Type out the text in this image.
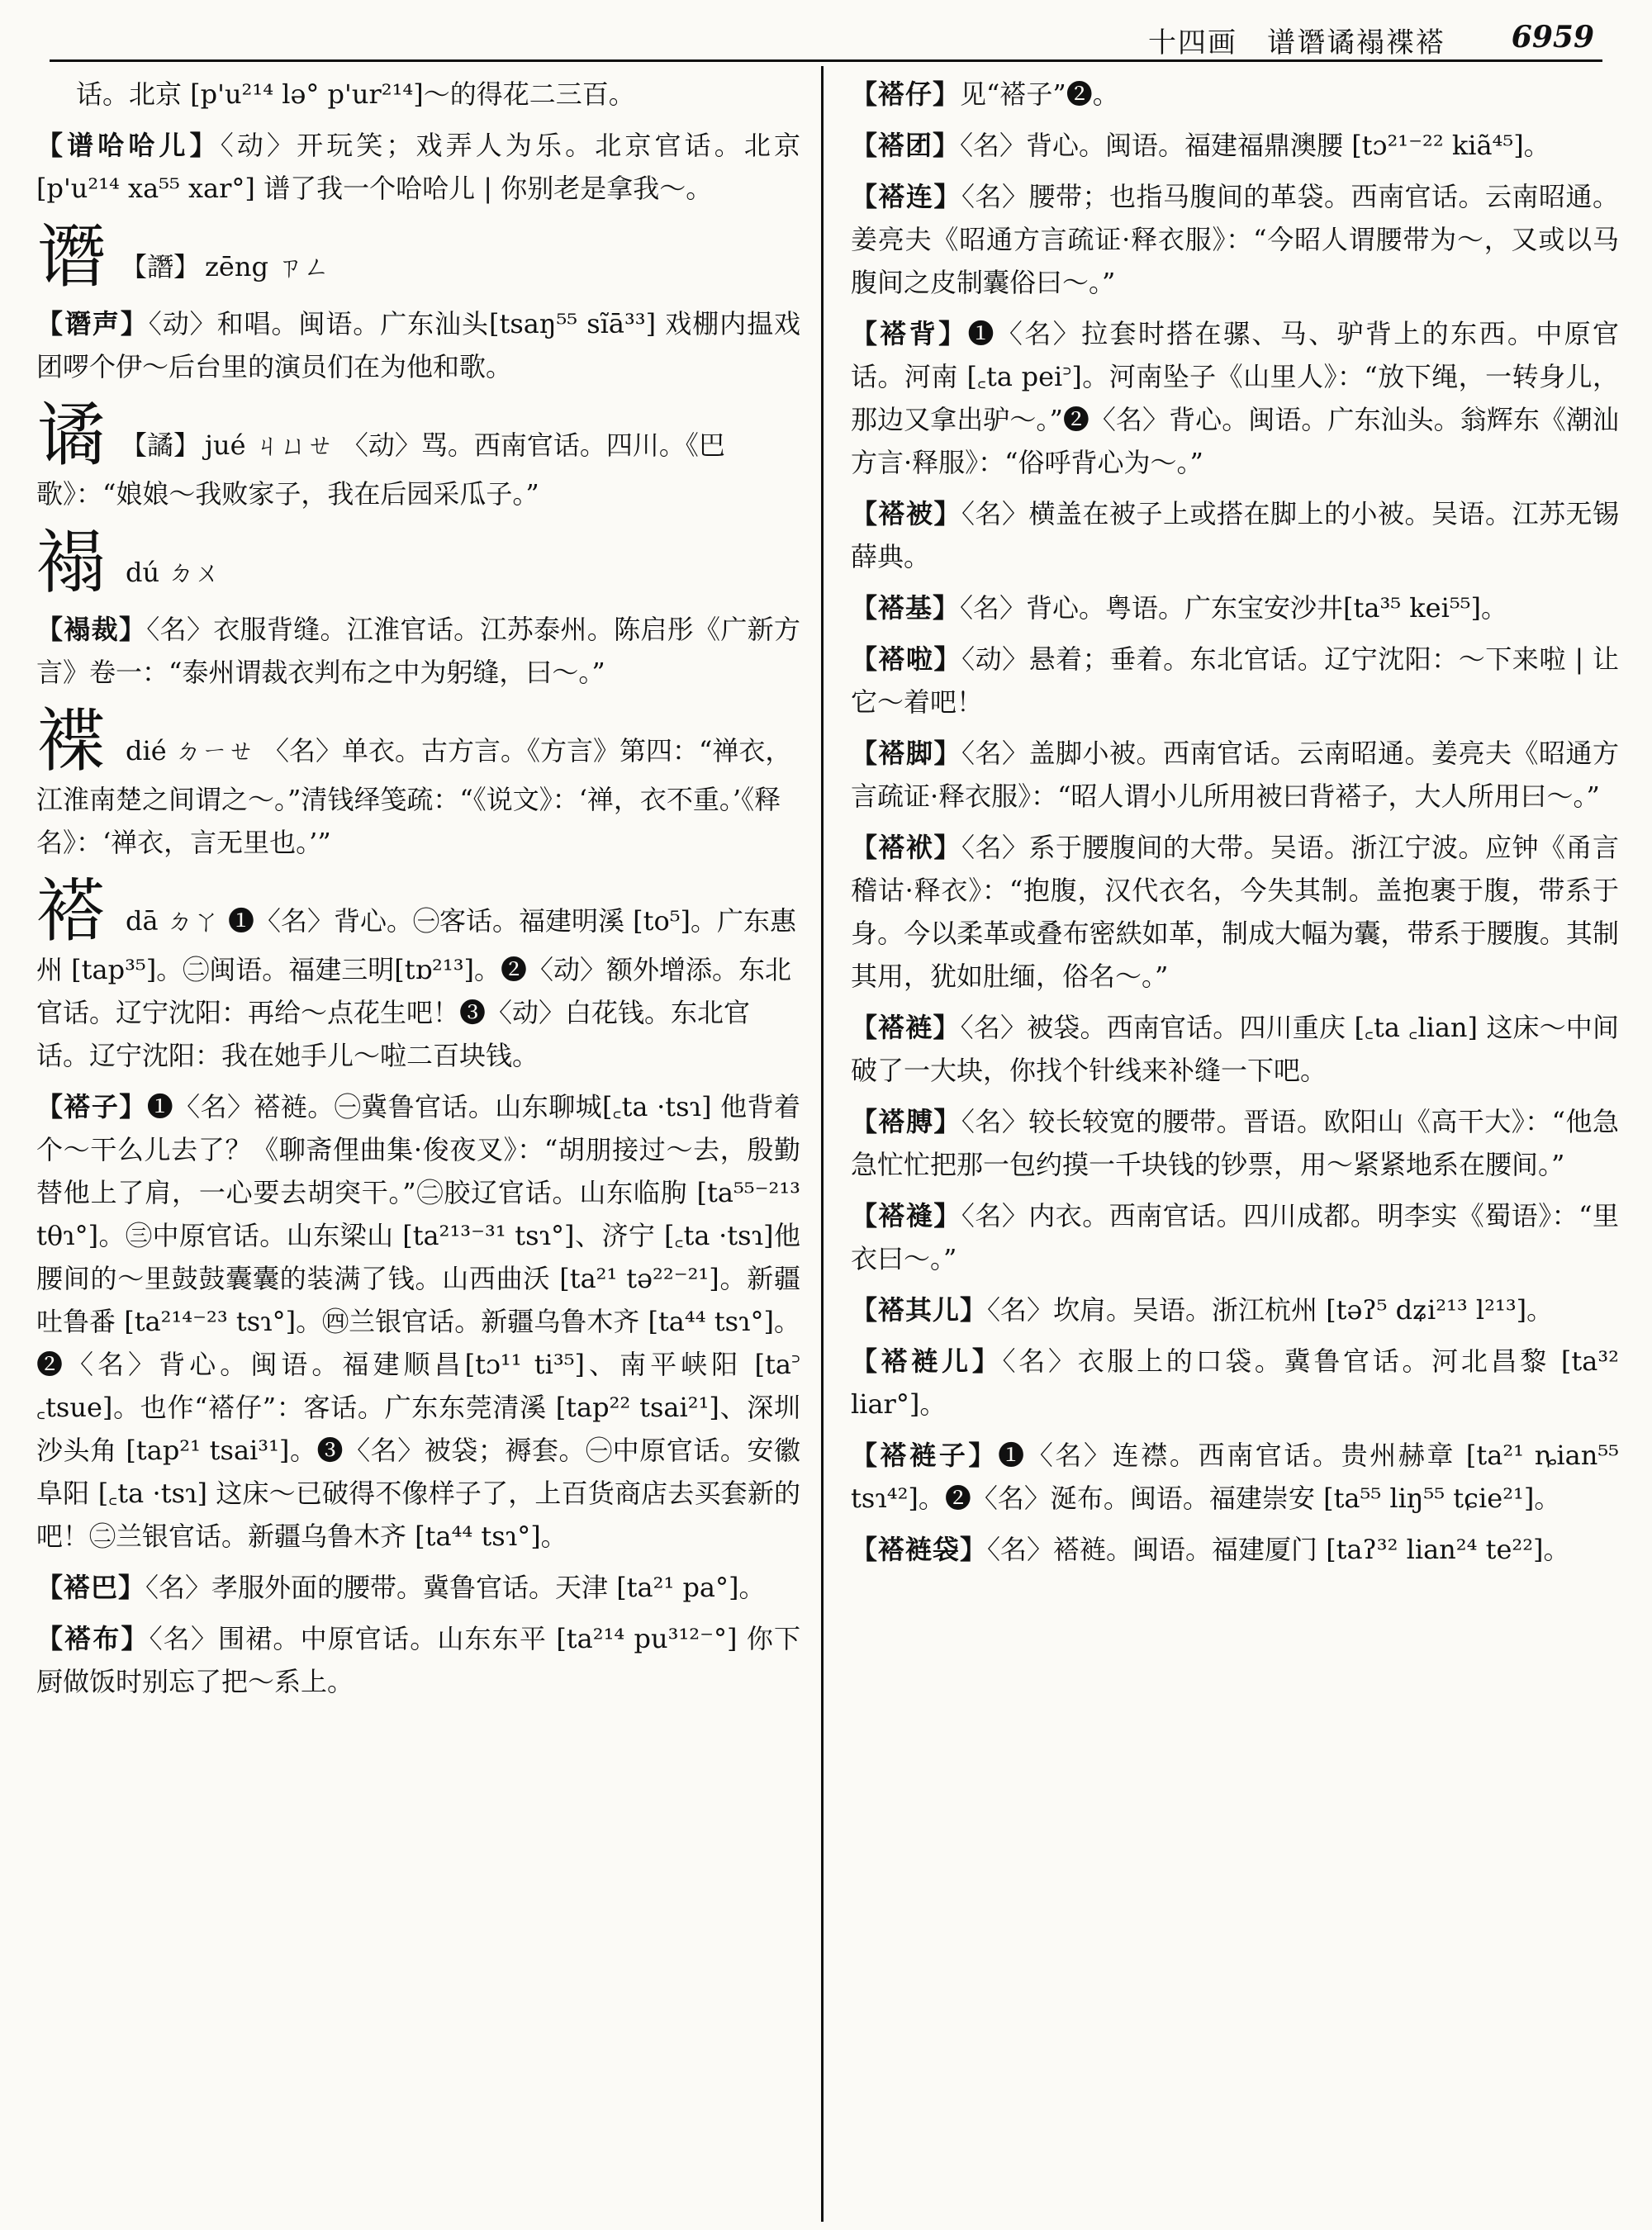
十四画　谱谮谲褟褋褡 6959

话。北京 [p'u²¹⁴ lə° p'ur²¹⁴]～的得花二三百。

【谱哈哈儿】〈动〉开玩笑；戏弄人为乐。北京官话。北京 [p'u²¹⁴ xa⁵⁵ xar°] 谱了我一个哈哈儿 | 你别老是拿我～。

谮 【譖】 zēng ㄗㄥ

【谮声】〈动〉和唱。闽语。广东汕头[tsaŋ⁵⁵ sĩā³³] 戏棚内揾戏团啰个伊～后台里的演员们在为他和歌。

谲 【譎】 jué ㄐㄩㄝ 〈动〉骂。西南官话。四川。《巴歌》：“娘娘～我败家子，我在后园采瓜子。”

褟dú ㄉㄨ

【褟裁】〈名〉衣服背缝。江淮官话。江苏泰州。陈启彤《广新方言》卷一：“泰州谓裁衣判布之中为躬缝，曰～。”

褋dié ㄉㄧㄝ 〈名〉单衣。古方言。《方言》第四：“禅衣，江淮南楚之间谓之～。”清钱绎笺疏：“《说文》：‘禅，衣不重。’《释名》：‘禅衣，言无里也。’”

褡dā ㄉㄚ ❶〈名〉背心。㊀客话。福建明溪 [to⁵]。广东惠州 [tap³⁵]。㊁闽语。福建三明[tɒ²¹³]。❷〈动〉额外增添。东北官话。辽宁沈阳：再给～点花生吧！❸〈动〉白花钱。东北官话。辽宁沈阳：我在她手儿～啦二百块钱。

【褡子】❶〈名〉褡裢。㊀冀鲁官话。山东聊城[꜀ta ·tsɿ] 他背着个～干么儿去了？《聊斋俚曲集·俊夜叉》：“胡朋接过～去，殷勤替他上了肩，一心要去胡突干。”㊁胶辽官话。山东临朐 [ta⁵⁵⁻²¹³ tθɿ°]。㊂中原官话。山东梁山 [ta²¹³⁻³¹ tsɿ°]、济宁 [꜀ta ·tsɿ]他腰间的～里鼓鼓囊囊的装满了钱。山西曲沃 [ta²¹ tə²²⁻²¹]。新疆吐鲁番 [ta²¹⁴⁻²³ tsɿ°]。㊃兰银官话。新疆乌鲁木齐 [ta⁴⁴ tsɿ°]。❷〈名〉背心。闽语。福建顺昌[tɔ¹¹ ti³⁵]、南平峡阳 [ta꜄ ꜀tsue]。也作“褡仔”：客话。广东东莞清溪 [tap²² tsai²¹]、深圳沙头角 [tap²¹ tsai³¹]。❸〈名〉被袋；褥套。㊀中原官话。安徽阜阳 [꜀ta ·tsɿ] 这床～已破得不像样子了，上百货商店去买套新的吧！㊁兰银官话。新疆乌鲁木齐 [ta⁴⁴ tsɿ°]。

【褡巴】〈名〉孝服外面的腰带。冀鲁官话。天津 [ta²¹ pa°]。

【褡布】〈名〉围裙。中原官话。山东东平 [ta²¹⁴ pu³¹²⁻°] 你下厨做饭时别忘了把～系上。

【褡仔】见“褡子”❷。

【褡团】〈名〉背心。闽语。福建福鼎澳腰 [tɔ²¹⁻²² kiã⁴⁵]。

【褡连】〈名〉腰带；也指马腹间的革袋。西南官话。云南昭通。姜亮夫《昭通方言疏证·释衣服》：“今昭人谓腰带为～，又或以马腹间之皮制囊俗曰～。”

【褡背】❶〈名〉拉套时搭在骡、马、驴背上的东西。中原官话。河南 [꜀ta pei꜄]。河南坠子《山里人》：“放下绳，一转身儿，那边又拿出驴～。”❷〈名〉背心。闽语。广东汕头。翁辉东《潮汕方言·释服》：“俗呼背心为～。”

【褡被】〈名〉横盖在被子上或搭在脚上的小被。吴语。江苏无锡薛典。

【褡基】〈名〉背心。粤语。广东宝安沙井[ta³⁵ kei⁵⁵]。

【褡啦】〈动〉悬着；垂着。东北官话。辽宁沈阳：～下来啦 | 让它～着吧！

【褡脚】〈名〉盖脚小被。西南官话。云南昭通。姜亮夫《昭通方言疏证·释衣服》：“昭人谓小儿所用被曰背褡子，大人所用曰～。”

【褡袱】〈名〉系于腰腹间的大带。吴语。浙江宁波。应钟《甬言稽诂·释衣》：“抱腹，汉代衣名，今失其制。盖抱裹于腹，带系于身。今以柔革或叠布密紩如革，制成大幅为囊，带系于腰腹。其制其用，犹如肚缅，俗名～。”

【褡裢】〈名〉被袋。西南官话。四川重庆 [꜀ta ꜀lian] 这床～中间破了一大块，你找个针线来补缝一下吧。

【褡膊】〈名〉较长较宽的腰带。晋语。欧阳山《高干大》：“他急急忙忙把那一包约摸一千块钱的钞票，用～紧紧地系在腰间。”

【褡䙜】〈名〉内衣。西南官话。四川成都。明李实《蜀语》：“里衣曰～。”

【褡其儿】〈名〉坎肩。吴语。浙江杭州 [təʔ⁵ dʑi²¹³ l²¹³]。

【褡裢儿】〈名〉衣服上的口袋。冀鲁官话。河北昌黎 [ta³² liar°]。

【褡裢子】❶〈名〉连襟。西南官话。贵州赫章 [ta²¹ ȵian⁵⁵ tsɿ⁴²]。❷〈名〉涎布。闽语。福建崇安 [ta⁵⁵ liŋ⁵⁵ tɕie²¹]。

【褡裢袋】〈名〉褡裢。闽语。福建厦门 [taʔ³² lian²⁴ te²²]。
